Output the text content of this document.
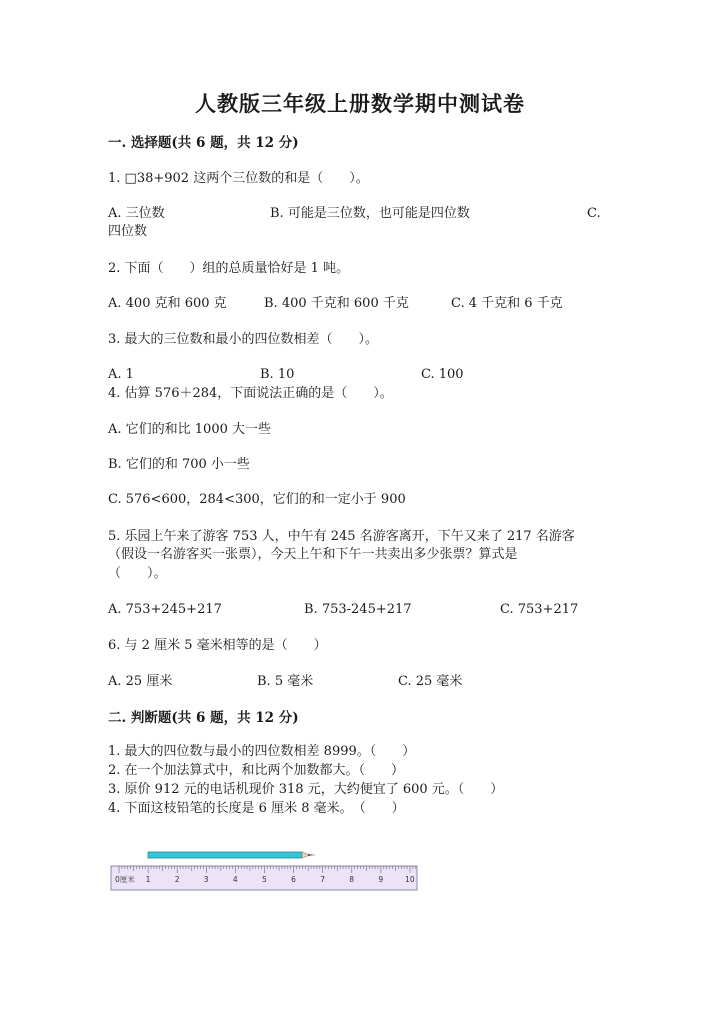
人教版三年级上册数学期中测试卷
一. 选择题(共 6 题，共 12 分)
1. □38+902 这两个三位数的和是（　　）。
A. 三位数	B. 可能是三位数，也可能是四位数	C.
四位数
2. 下面（　　）组的总质量恰好是 1 吨。
A. 400 克和 600 克	B. 400 千克和 600 千克	C. 4 千克和 6 千克
3. 最大的三位数和最小的四位数相差（　　）。
A. 1	B. 10	C. 100
4. 估算 576＋284，下面说法正确的是（　　）。
A. 它们的和比 1000 大一些
B. 它们的和 700 小一些
C. 576<600，284<300，它们的和一定小于 900
5. 乐园上午来了游客 753 人，中午有 245 名游客离开，下午又来了 217 名游客
（假设一名游客买一张票），今天上午和下午一共卖出多少张票？算式是
（　　）。
A. 753+245+217	B. 753-245+217	C. 753+217
6. 与 2 厘米 5 毫米相等的是（　　）
A. 25 厘米	B. 5 毫米	C. 25 毫米
二. 判断题(共 6 题，共 12 分)
1. 最大的四位数与最小的四位数相差 8999。（　　）
2. 在一个加法算式中，和比两个加数都大。（　　）
3. 原价 912 元的电话机现价 318 元，大约便宜了 600 元。（　　）
4. 下面这枝铅笔的长度是 6 厘米 8 毫米。　（　　）
0厘米 1	2	3	4	5	6	7	8	9	10
